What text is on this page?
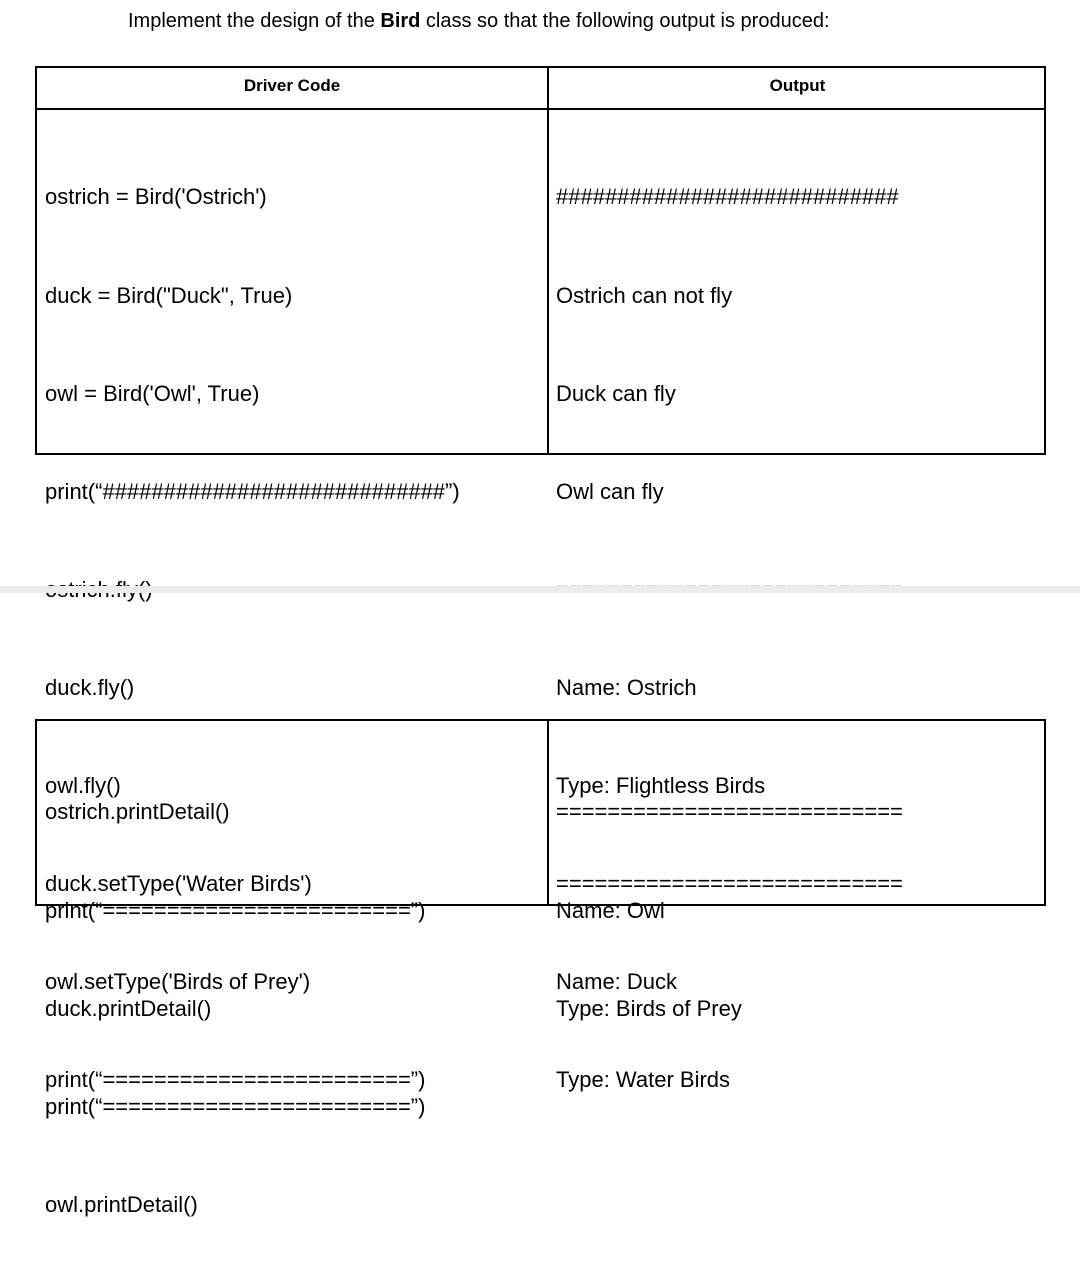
Implement the design of the Bird class so that the following output is produced:
Driver Code	Output

ostrich = Bird('Ostrich')

duck = Bird("Duck", True)

owl = Bird('Owl', True)

print(“############################”)

duck.fly()

owl.fly()

duck.setType('Water Birds')

owl.setType('Birds of Prey')

print(“========================”)

############################

Ostrich can not fly

Duck can fly

Owl can fly

Name: Ostrich

Type: Flightless Birds

===========================

Name: Duck

Type: Water Birds

ostrich.printDetail()

print(“========================”)

duck.printDetail()

print(“========================”)

owl.printDetail()

===========================

Name: Owl

Type: Birds of Prey
